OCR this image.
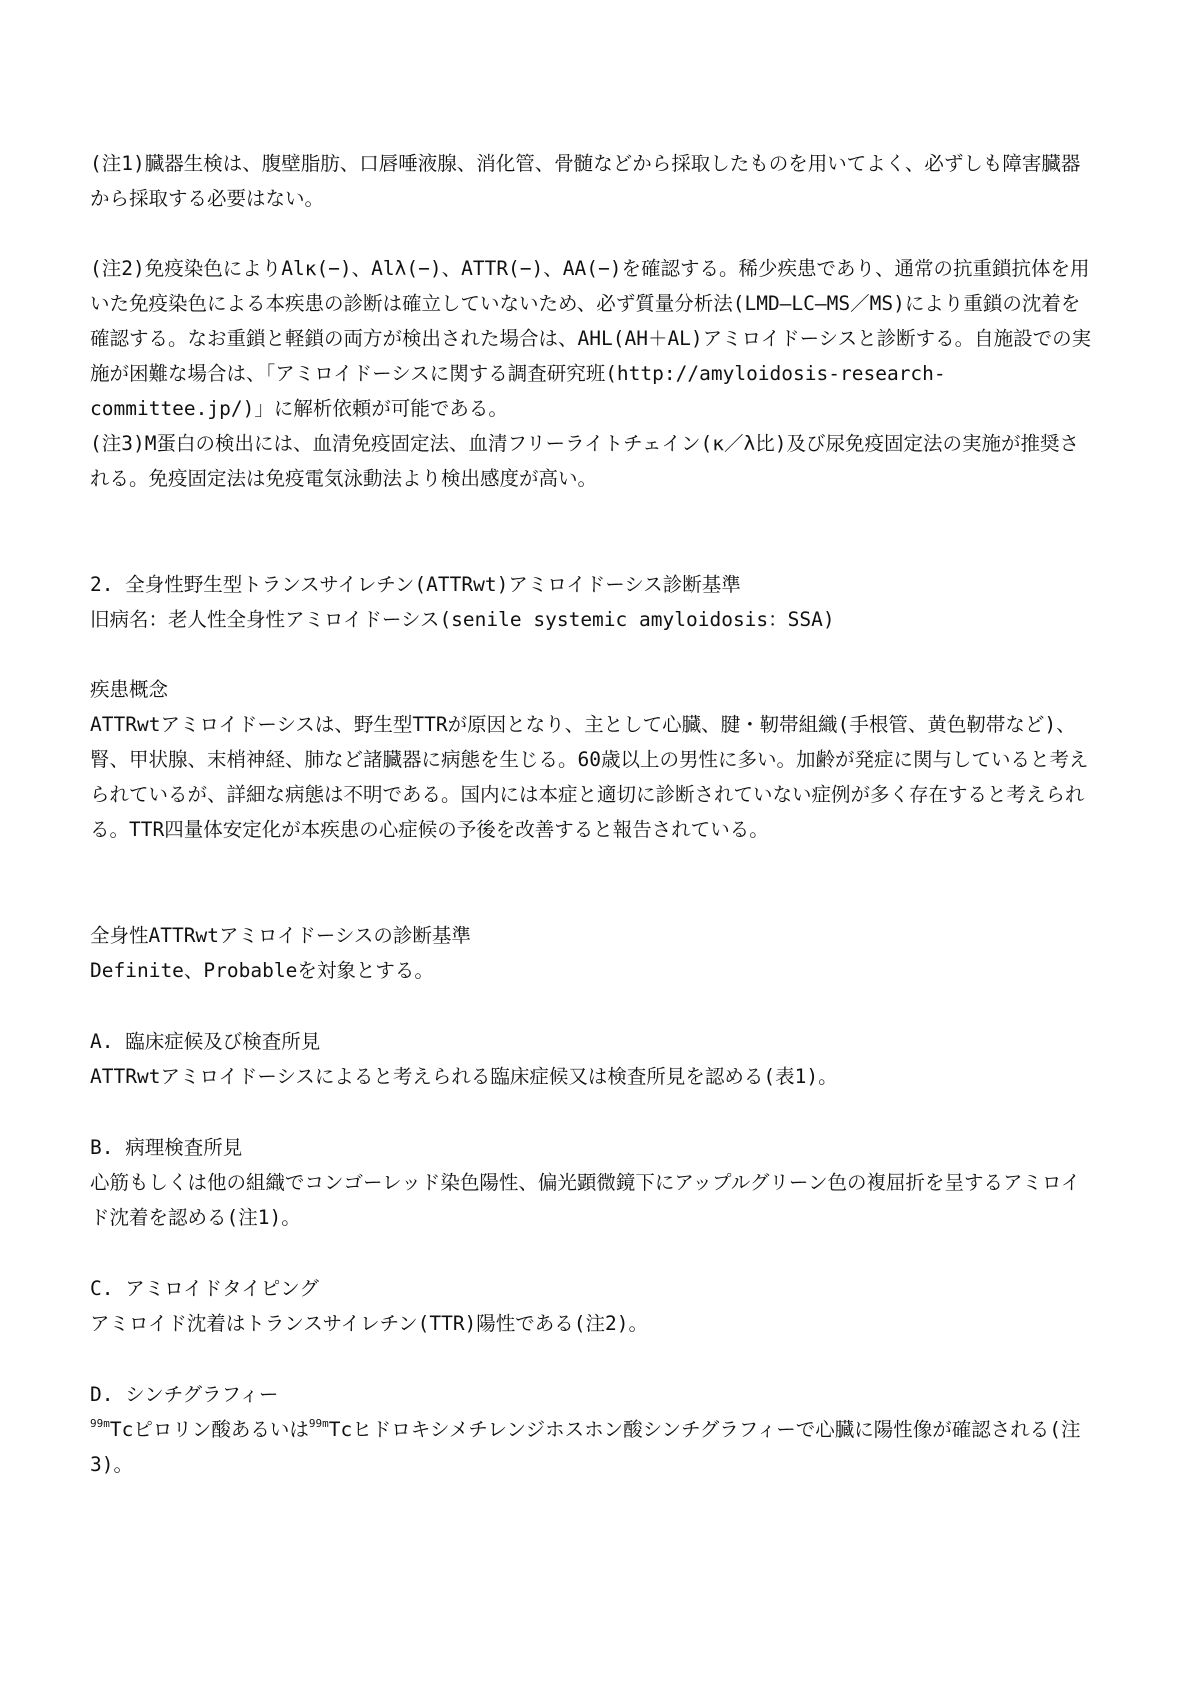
(注1)臓器生検は、腹壁脂肪、口唇唾液腺、消化管、骨髄などから採取したものを用いてよく、必ずしも障害臓器から採取する必要はない。

(注2)免疫染色によりAlκ(−)、Alλ(−)、ATTR(−)、AA(−)を確認する。稀少疾患であり、通常の抗重鎖抗体を用いた免疫染色による本疾患の診断は確立していないため、必ず質量分析法(LMD―LC―MS／MS)により重鎖の沈着を確認する。なお重鎖と軽鎖の両方が検出された場合は、AHL(AH＋AL)アミロイドーシスと診断する。自施設での実施が困難な場合は、「アミロイドーシスに関する調査研究班(http://amyloidosis-research-committee.jp/)」に解析依頼が可能である。

(注3)M蛋白の検出には、血清免疫固定法、血清フリーライトチェイン(κ／λ比)及び尿免疫固定法の実施が推奨される。免疫固定法は免疫電気泳動法より検出感度が高い。

2. 全身性野生型トランスサイレチン(ATTRwt)アミロイドーシス診断基準

旧病名：老人性全身性アミロイドーシス(senile systemic amyloidosis：SSA)

疾患概念

ATTRwtアミロイドーシスは、野生型TTRが原因となり、主として心臓、腱・靭帯組織(手根管、黄色靭帯など)、腎、甲状腺、末梢神経、肺など諸臓器に病態を生じる。60歳以上の男性に多い。加齢が発症に関与していると考えられているが、詳細な病態は不明である。国内には本症と適切に診断されていない症例が多く存在すると考えられる。TTR四量体安定化が本疾患の心症候の予後を改善すると報告されている。

全身性ATTRwtアミロイドーシスの診断基準

Definite、Probableを対象とする。

A. 臨床症候及び検査所見

ATTRwtアミロイドーシスによると考えられる臨床症候又は検査所見を認める(表1)。

B. 病理検査所見

心筋もしくは他の組織でコンゴーレッド染色陽性、偏光顕微鏡下にアップルグリーン色の複屈折を呈するアミロイド沈着を認める(注1)。

C. アミロイドタイピング

アミロイド沈着はトランスサイレチン(TTR)陽性である(注2)。

D. シンチグラフィー

$^{99m}$Tcピロリン酸あるいは$^{99m}$Tcヒドロキシメチレンジホスホン酸シンチグラフィーで心臓に陽性像が確認される(注3)。
